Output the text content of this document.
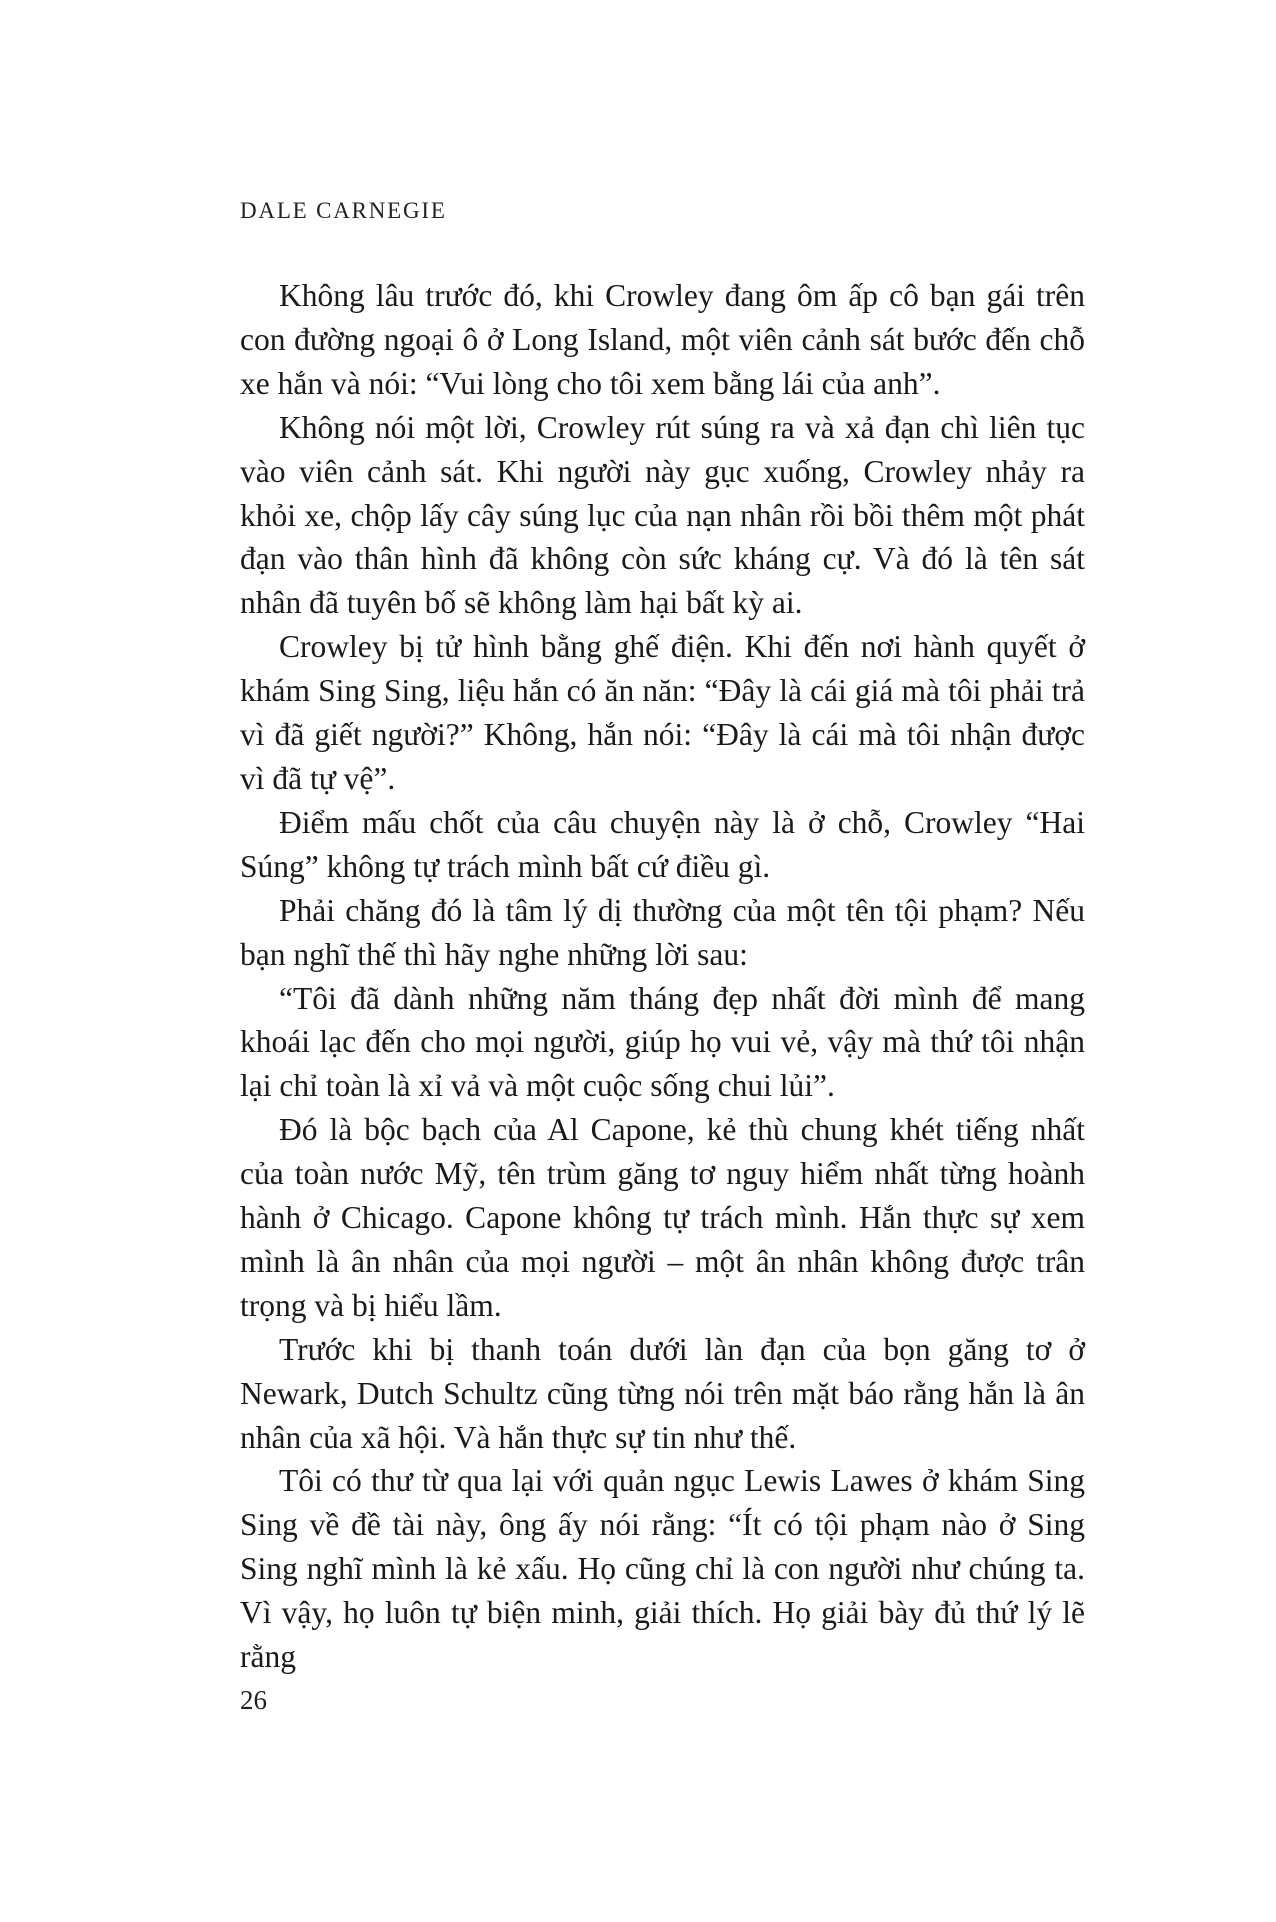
DALE CARNEGIE

Không lâu trước đó, khi Crowley đang ôm ấp cô bạn gái trên con đường ngoại ô ở Long Island, một viên cảnh sát bước đến chỗ xe hắn và nói: “Vui lòng cho tôi xem bằng lái của anh”.

Không nói một lời, Crowley rút súng ra và xả đạn chì liên tục vào viên cảnh sát. Khi người này gục xuống, Crowley nhảy ra khỏi xe, chộp lấy cây súng lục của nạn nhân rồi bồi thêm một phát đạn vào thân hình đã không còn sức kháng cự. Và đó là tên sát nhân đã tuyên bố sẽ không làm hại bất kỳ ai.

Crowley bị tử hình bằng ghế điện. Khi đến nơi hành quyết ở khám Sing Sing, liệu hắn có ăn năn: “Đây là cái giá mà tôi phải trả vì đã giết người?” Không, hắn nói: “Đây là cái mà tôi nhận được vì đã tự vệ”.

Điểm mấu chốt của câu chuyện này là ở chỗ, Crowley “Hai Súng” không tự trách mình bất cứ điều gì.

Phải chăng đó là tâm lý dị thường của một tên tội phạm? Nếu bạn nghĩ thế thì hãy nghe những lời sau:

“Tôi đã dành những năm tháng đẹp nhất đời mình để mang khoái lạc đến cho mọi người, giúp họ vui vẻ, vậy mà thứ tôi nhận lại chỉ toàn là xỉ vả và một cuộc sống chui lủi”.

Đó là bộc bạch của Al Capone, kẻ thù chung khét tiếng nhất của toàn nước Mỹ, tên trùm găng tơ nguy hiểm nhất từng hoành hành ở Chicago. Capone không tự trách mình. Hắn thực sự xem mình là ân nhân của mọi người – một ân nhân không được trân trọng và bị hiểu lầm.

Trước khi bị thanh toán dưới làn đạn của bọn găng tơ ở Newark, Dutch Schultz cũng từng nói trên mặt báo rằng hắn là ân nhân của xã hội. Và hắn thực sự tin như thế.

Tôi có thư từ qua lại với quản ngục Lewis Lawes ở khám Sing Sing về đề tài này, ông ấy nói rằng: “Ít có tội phạm nào ở Sing Sing nghĩ mình là kẻ xấu. Họ cũng chỉ là con người như chúng ta. Vì vậy, họ luôn tự biện minh, giải thích. Họ giải bày đủ thứ lý lẽ rằng

26
